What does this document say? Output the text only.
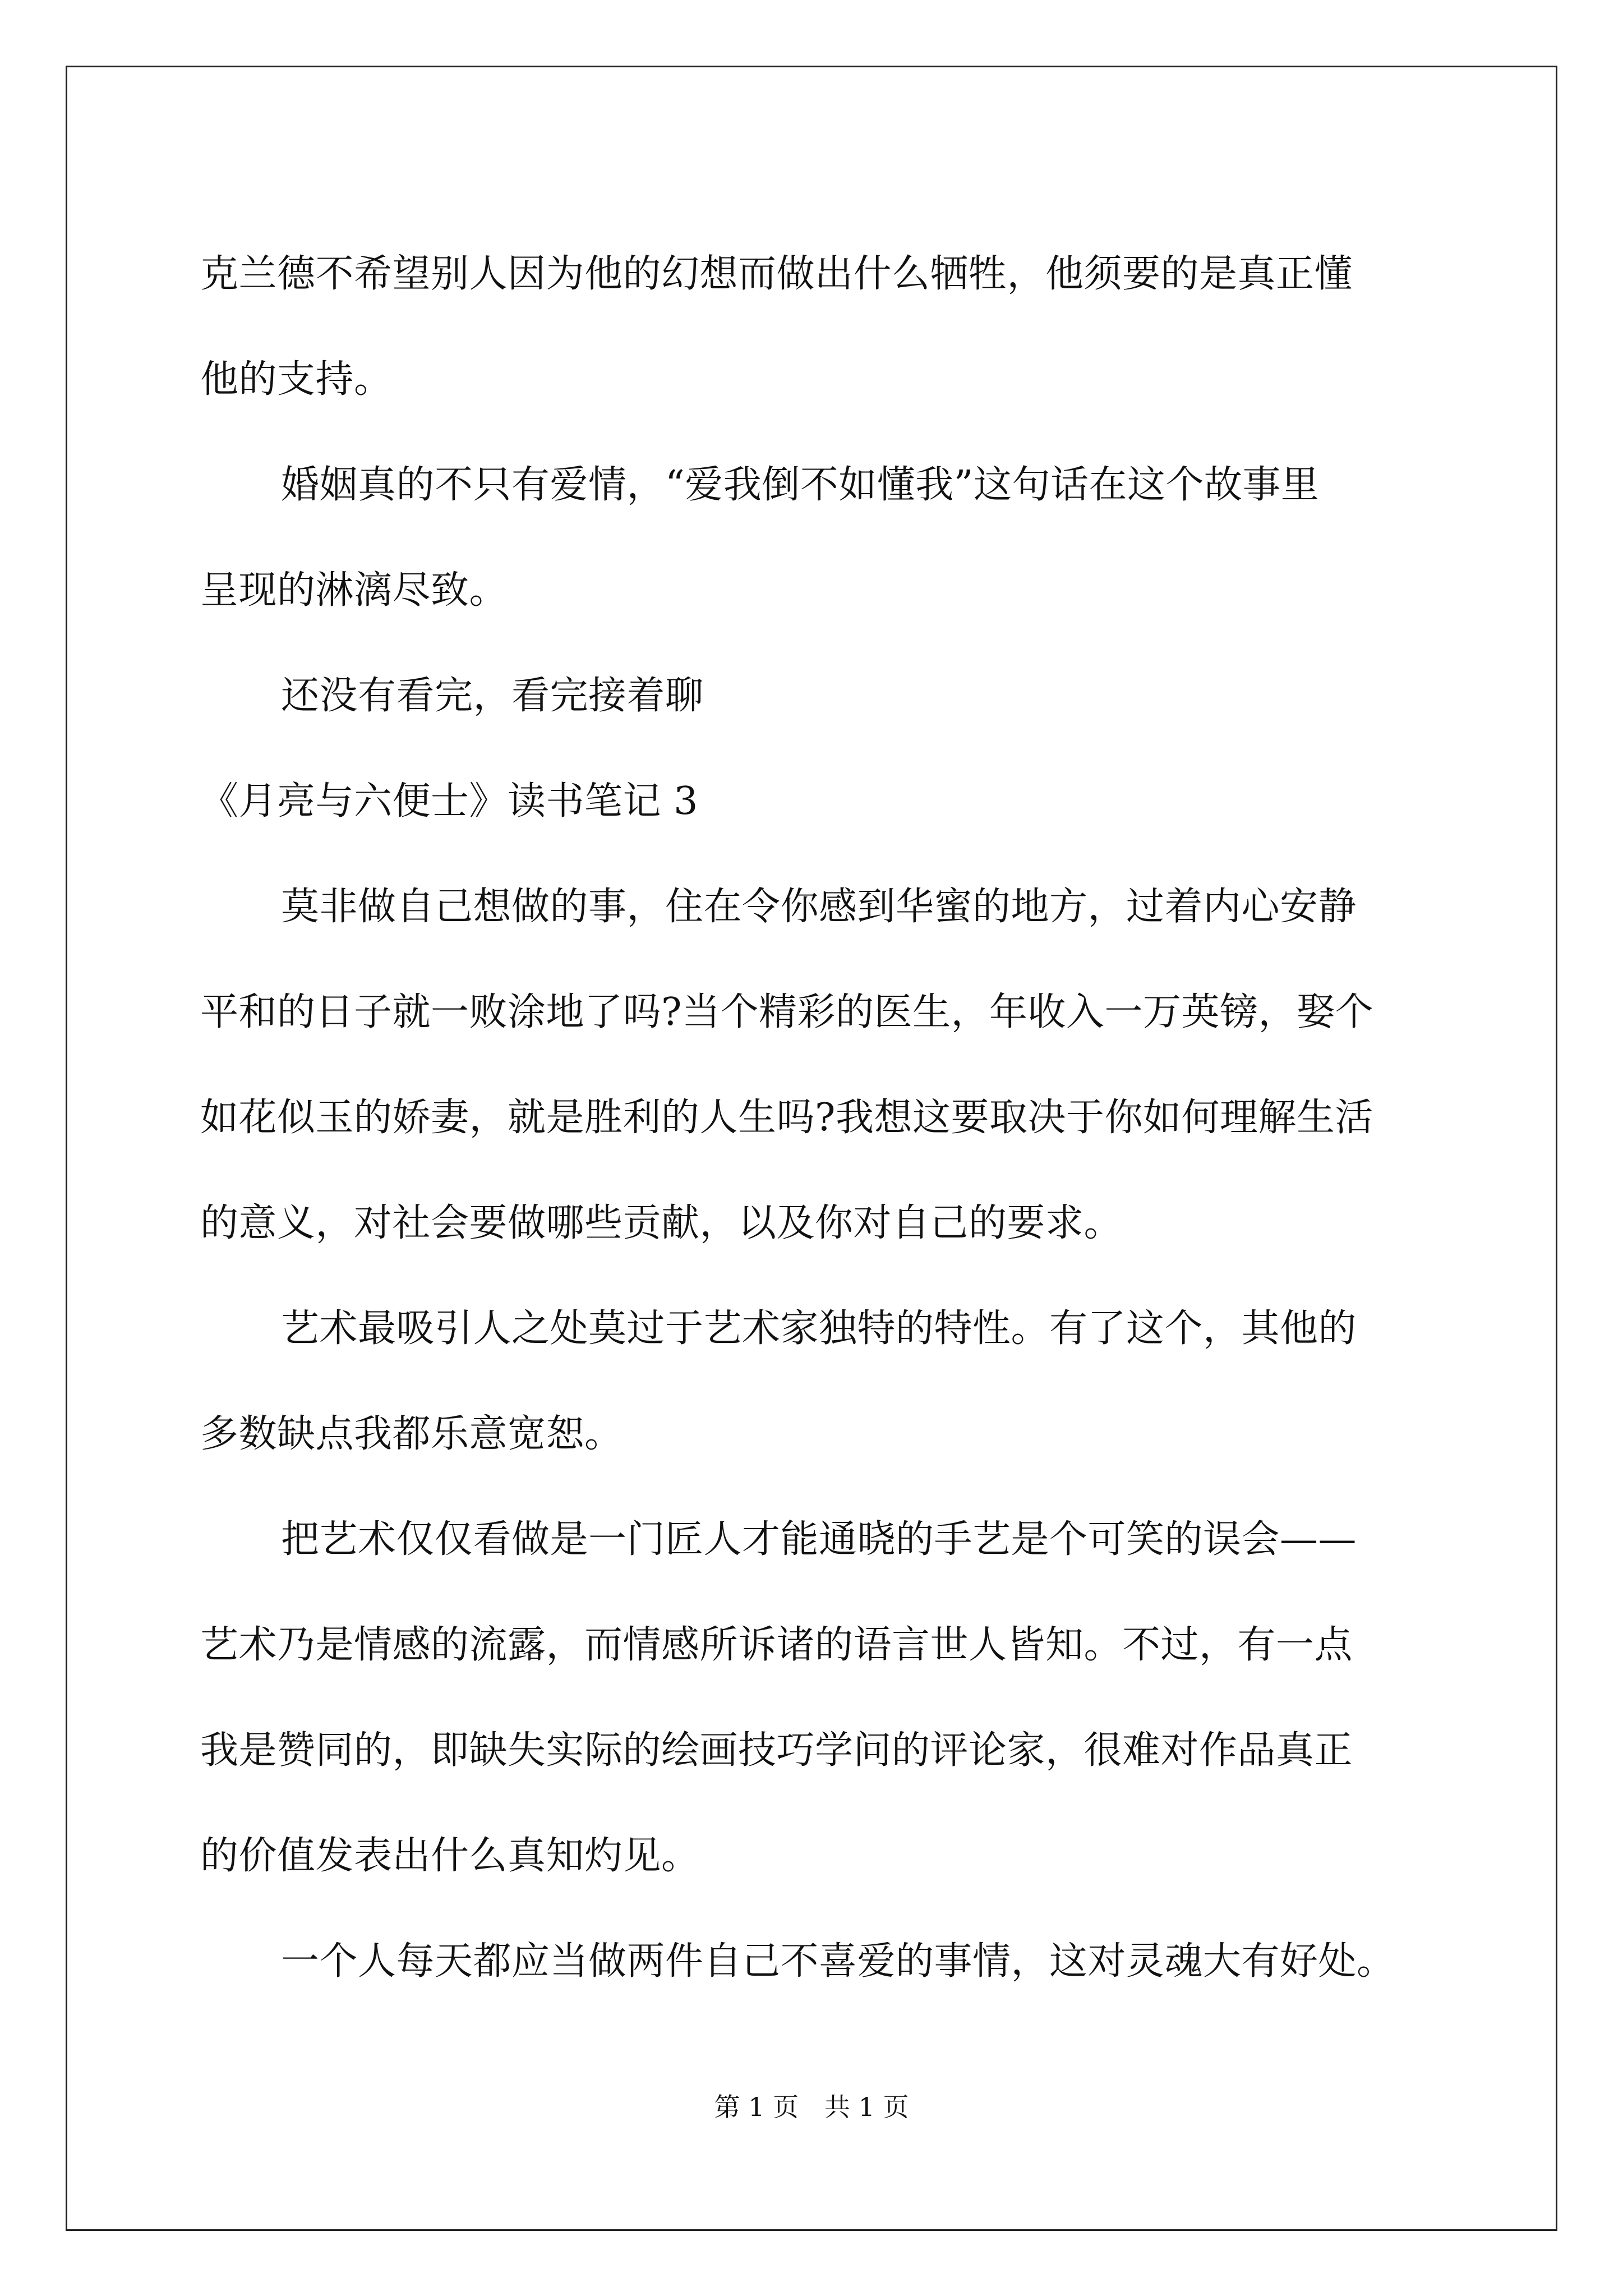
克兰德不希望别人因为他的幻想而做出什么牺牲，他须要的是真正懂
他的支持。
婚姻真的不只有爱情，“爱我倒不如懂我”这句话在这个故事里
呈现的淋漓尽致。
还没有看完，看完接着聊
《月亮与六便士》读书笔记 3
莫非做自己想做的事，住在令你感到华蜜的地方，过着内心安静
平和的日子就一败涂地了吗?当个精彩的医生，年收入一万英镑，娶个
如花似玉的娇妻，就是胜利的人生吗?我想这要取决于你如何理解生活
的意义，对社会要做哪些贡献，以及你对自己的要求。
艺术最吸引人之处莫过于艺术家独特的特性。有了这个，其他的
多数缺点我都乐意宽恕。
把艺术仅仅看做是一门匠人才能通晓的手艺是个可笑的误会——
艺术乃是情感的流露，而情感所诉诸的语言世人皆知。不过，有一点
我是赞同的，即缺失实际的绘画技巧学问的评论家，很难对作品真正
的价值发表出什么真知灼见。
一个人每天都应当做两件自己不喜爱的事情，这对灵魂大有好处。
第 1 页　共 1 页
